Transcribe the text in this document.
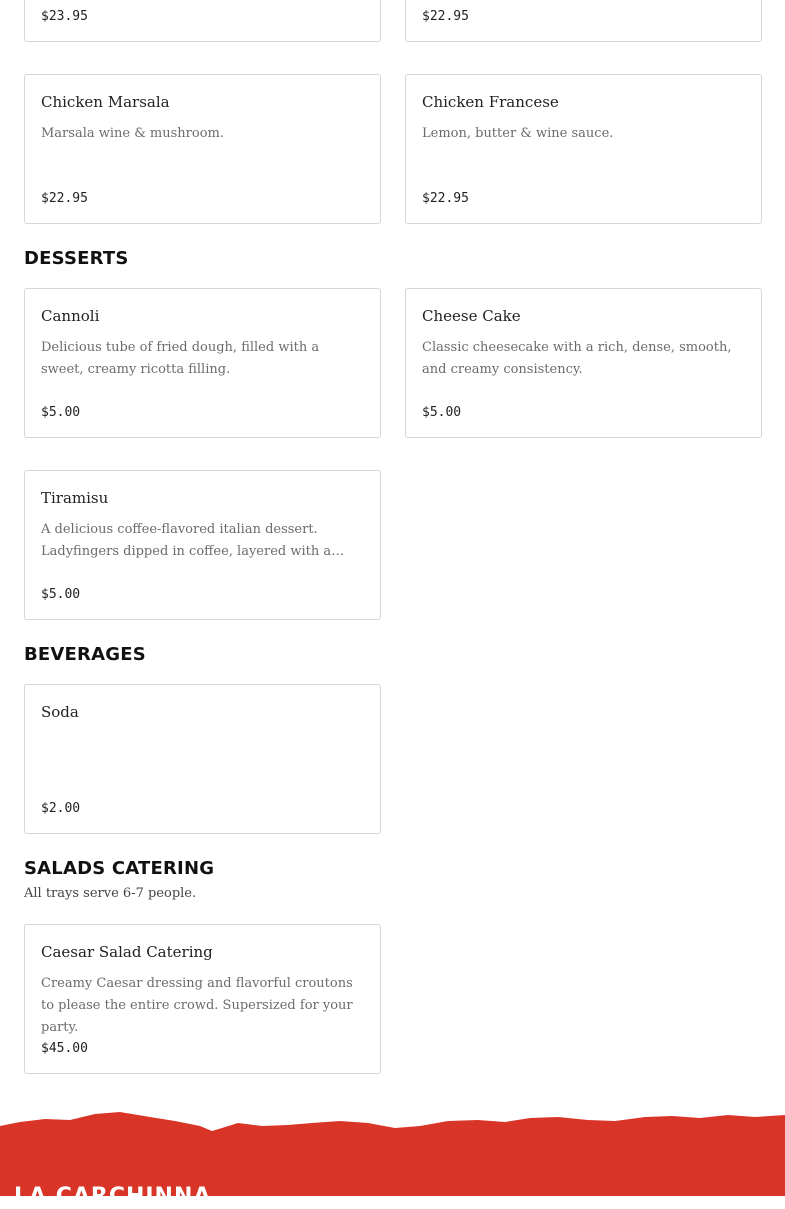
$23.95	$22.95
Chicken Marsala
Marsala wine & mushroom.
$22.95
Chicken Francese
Lemon, butter & wine sauce.
$22.95
DESSERTS
Cannoli
Delicious tube of fried dough, filled with a sweet, creamy ricotta filling.
$5.00
Cheese Cake
Classic cheesecake with a rich, dense, smooth, and creamy consistency.
$5.00
Tiramisu
A delicious coffee-flavored italian dessert. Ladyfingers dipped in coffee, layered with a…
$5.00
BEVERAGES
Soda
$2.00
SALADS CATERING
All trays serve 6-7 people.
Caesar Salad Catering
Creamy Caesar dressing and flavorful croutons to please the entire crowd. Supersized for your party.
$45.00
LA CARCHINNA
